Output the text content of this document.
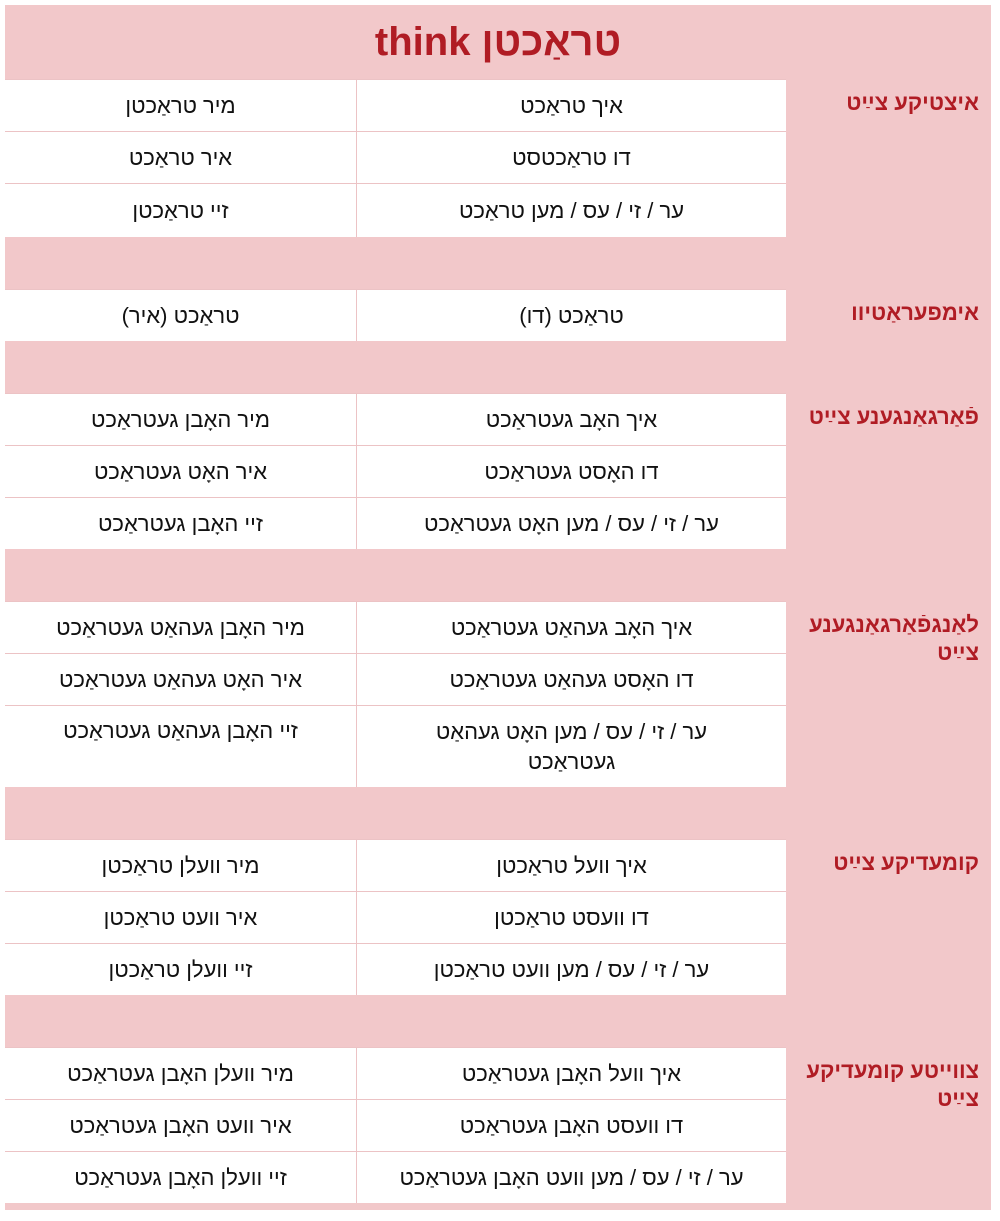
טראַכטן think
איצטיקע צײַט
איך טראַכט
מיר טראַכטן
דו טראַכטסט
איר טראַכט
ער / זי / עס / מען טראַכט
זיי טראַכטן
אימפעראַטיוו
טראַכט (דו)
טראַכט (איר)
פֿאַרגאַנגענע צײַט
איך האָב געטראַכט
מיר האָבן געטראַכט
דו האָסט געטראַכט
איר האָט געטראַכט
ער / זי / עס / מען האָט געטראַכט
זיי האָבן געטראַכט
לאַנגפֿאַרגאַנגענע צײַט
איך האָב געהאַט געטראַכט
מיר האָבן געהאַט געטראַכט
דו האָסט געהאַט געטראַכט
איר האָט געהאַט געטראַכט
ער / זי / עס / מען האָט געהאַט געטראַכט
זיי האָבן געהאַט געטראַכט
קומעדיקע צײַט
איך וועל טראַכטן
מיר וועלן טראַכטן
דו וועסט טראַכטן
איר וועט טראַכטן
ער / זי / עס / מען וועט טראַכטן
זיי וועלן טראַכטן
צווייטע קומעדיקע צײַט
איך וועל האָבן געטראַכט
מיר וועלן האָבן געטראַכט
דו וועסט האָבן געטראַכט
איר וועט האָבן געטראַכט
ער / זי / עס / מען וועט האָבן געטראַכט
זיי וועלן האָבן געטראַכט
